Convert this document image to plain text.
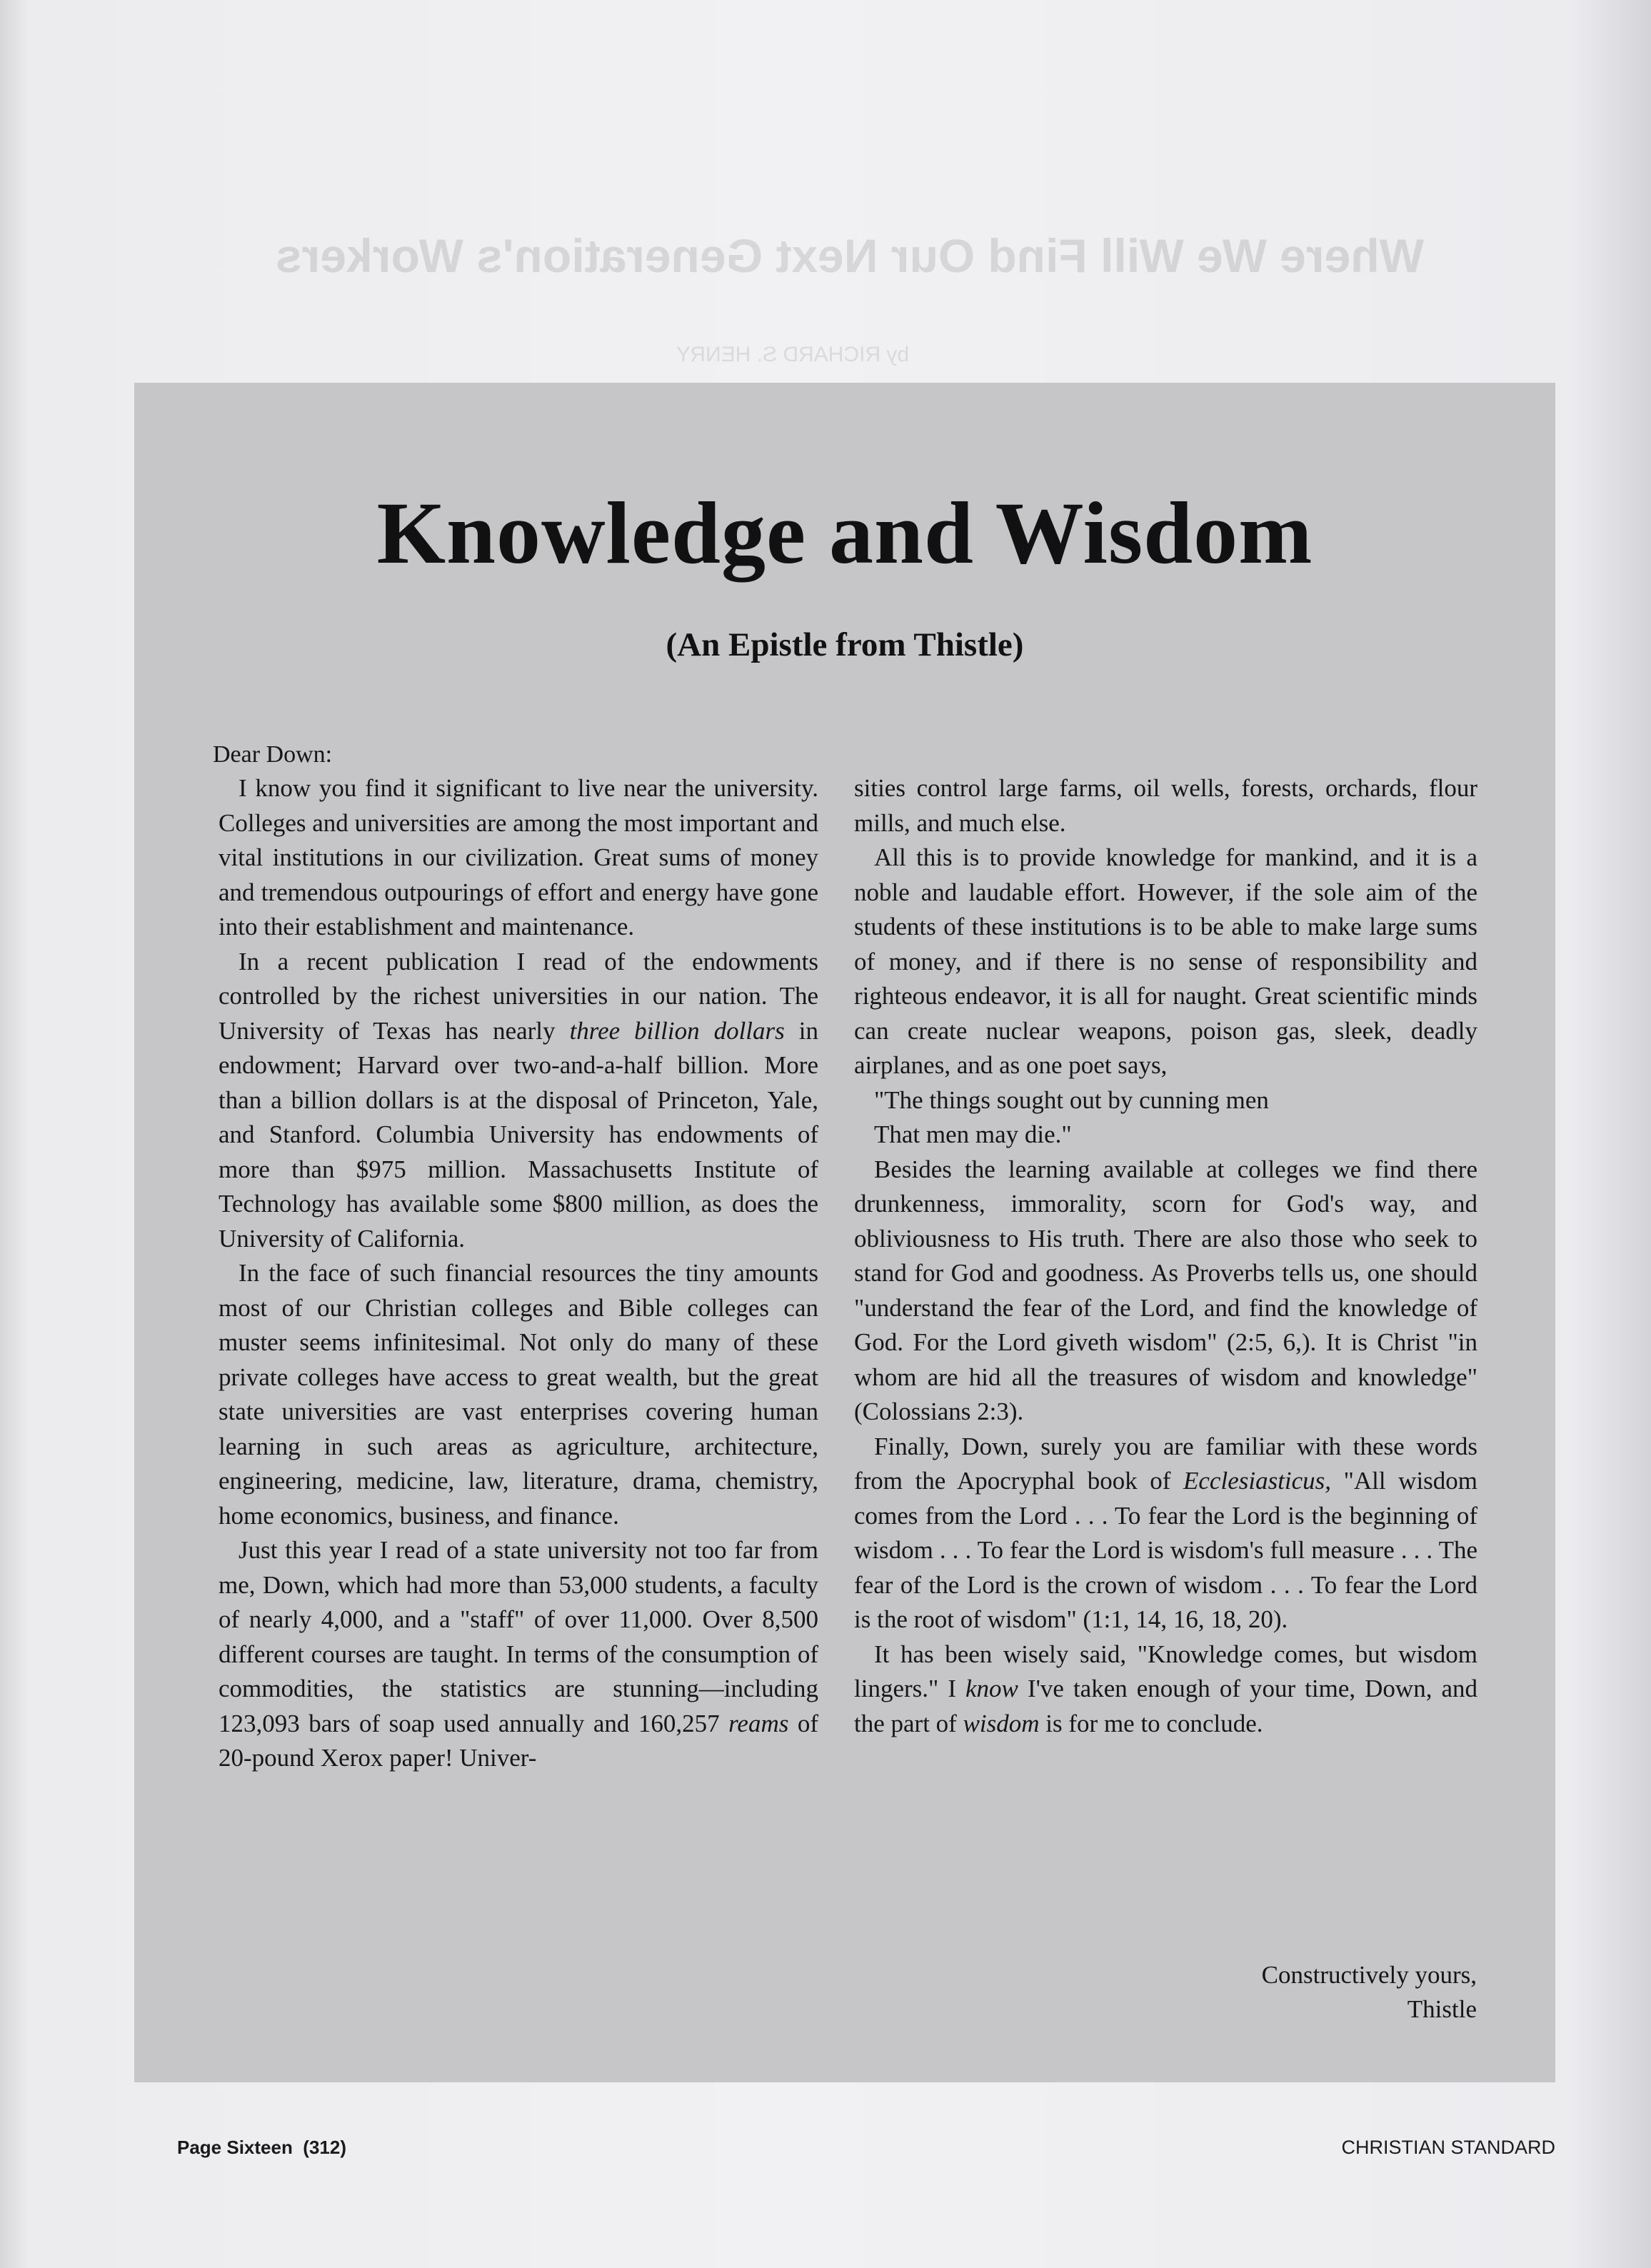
Where We Will Find Our Next Generation's Workers
by RICHARD S. HENRY
Knowledge and Wisdom
(An Epistle from Thistle)
Dear Down:

I know you find it significant to live near the university. Colleges and universities are among the most important and vital institutions in our civilization. Great sums of money and tremendous outpourings of effort and energy have gone into their establishment and maintenance.

In a recent publication I read of the endowments controlled by the richest universities in our nation. The University of Texas has nearly three billion dollars in endowment; Harvard over two-and-a-half billion. More than a billion dollars is at the disposal of Princeton, Yale, and Stanford. Columbia University has endowments of more than $975 million. Massachusetts Institute of Technology has available some $800 million, as does the University of California.

In the face of such financial resources the tiny amounts most of our Christian colleges and Bible colleges can muster seems infinitesimal. Not only do many of these private colleges have access to great wealth, but the great state universities are vast enterprises covering human learning in such areas as agriculture, architecture, engineering, medicine, law, literature, drama, chemistry, home economics, business, and finance.

Just this year I read of a state university not too far from me, Down, which had more than 53,000 students, a faculty of nearly 4,000, and a "staff" of over 11,000. Over 8,500 different courses are taught. In terms of the consumption of commodities, the statistics are stunning—including 123,093 bars of soap used annually and 160,257 reams of 20-pound Xerox paper! Univer-

sities control large farms, oil wells, forests, orchards, flour mills, and much else.

All this is to provide knowledge for mankind, and it is a noble and laudable effort. However, if the sole aim of the students of these institutions is to be able to make large sums of money, and if there is no sense of responsibility and righteous endeavor, it is all for naught. Great scientific minds can create nuclear weapons, poison gas, sleek, deadly airplanes, and as one poet says,

"The things sought out by cunning men

That men may die."

Besides the learning available at colleges we find there drunkenness, immorality, scorn for God's way, and obliviousness to His truth. There are also those who seek to stand for God and goodness. As Proverbs tells us, one should "understand the fear of the Lord, and find the knowledge of God. For the Lord giveth wisdom" (2:5, 6,). It is Christ "in whom are hid all the treasures of wisdom and knowledge" (Colossians 2:3).

Finally, Down, surely you are familiar with these words from the Apocryphal book of Ecclesiasticus, "All wisdom comes from the Lord . . . To fear the Lord is the beginning of wisdom . . . To fear the Lord is wisdom's full measure . . . The fear of the Lord is the crown of wisdom . . . To fear the Lord is the root of wisdom" (1:1, 14, 16, 18, 20).

It has been wisely said, "Knowledge comes, but wisdom lingers." I know I've taken enough of your time, Down, and the part of wisdom is for me to conclude.

Constructively yours,
Thistle
Page Sixteen  (312)	CHRISTIAN STANDARD
